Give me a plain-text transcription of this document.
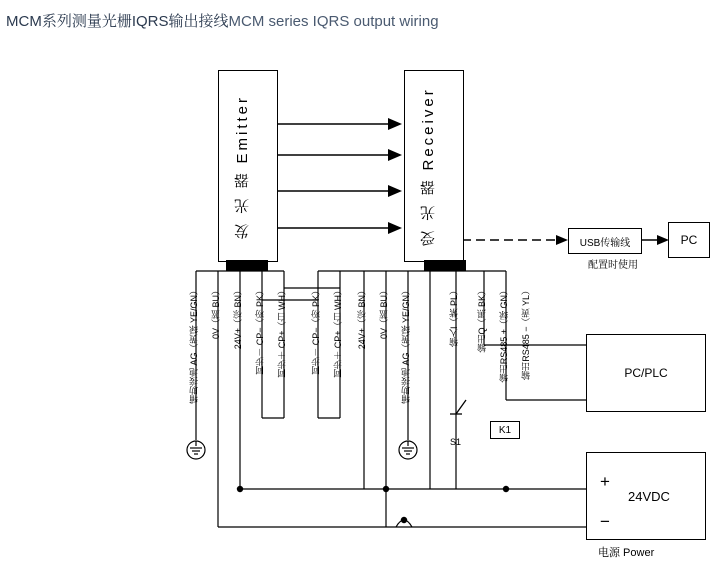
MCM系列测量光栅IQRS输出接线MCM series IQRS output wiring
发 光 器 Emitter	受 光 器 Receiver	USB传输线
配置时使用
PC
PC/PLC
+
−
24VDC
电源 Power
K1
S1
辅助接地 AG（黄绿 YE/GN） 0V（蓝 BU） 24V+（棕 BN） 同步－ CP−（粉 PK） 同步＋ CP+（白 WH）	同步－ CP−（粉 PK） 同步＋ CP+（白 WH） 24V+（棕 BN） 0V（蓝 BU） 辅助接地 AG（黄绿 YE/GN）	输入I（紫 PL） 输出Q（黑 BK） 输出RS485 +（绿 GN） 输出RS485 −（黄 YL）
